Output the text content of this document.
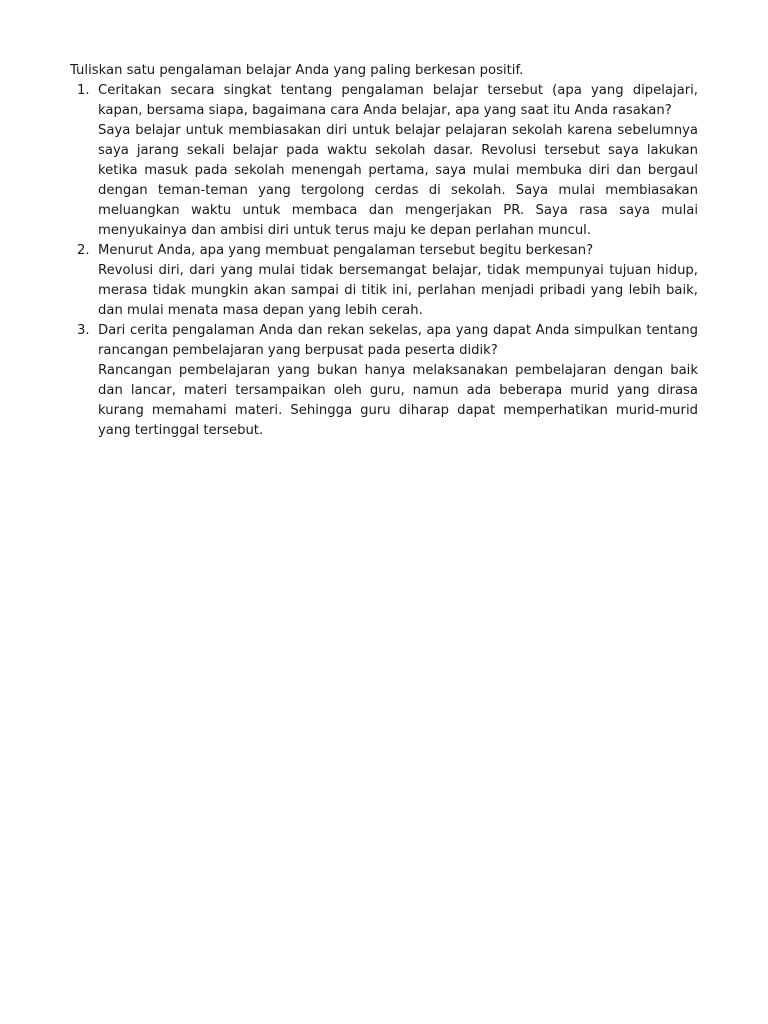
Tuliskan satu pengalaman belajar Anda yang paling berkesan positif.

1. Ceritakan secara singkat tentang pengalaman belajar tersebut (apa yang dipelajari, kapan, bersama siapa, bagaimana cara Anda belajar, apa yang saat itu Anda rasakan?

Saya belajar untuk membiasakan diri untuk belajar pelajaran sekolah karena sebelumnya saya jarang sekali belajar pada waktu sekolah dasar. Revolusi tersebut saya lakukan ketika masuk pada sekolah menengah pertama, saya mulai membuka diri dan bergaul dengan teman-teman yang tergolong cerdas di sekolah. Saya mulai membiasakan meluangkan waktu untuk membaca dan mengerjakan PR. Saya rasa saya mulai menyukainya dan ambisi diri untuk terus maju ke depan perlahan muncul.

2. Menurut Anda, apa yang membuat pengalaman tersebut begitu berkesan?

Revolusi diri, dari yang mulai tidak bersemangat belajar, tidak mempunyai tujuan hidup, merasa tidak mungkin akan sampai di titik ini, perlahan menjadi pribadi yang lebih baik, dan mulai menata masa depan yang lebih cerah.

3. Dari cerita pengalaman Anda dan rekan sekelas, apa yang dapat Anda simpulkan tentang rancangan pembelajaran yang berpusat pada peserta didik?

Rancangan pembelajaran yang bukan hanya melaksanakan pembelajaran dengan baik dan lancar, materi tersampaikan oleh guru, namun ada beberapa murid yang dirasa kurang memahami materi. Sehingga guru diharap dapat memperhatikan murid-murid yang tertinggal tersebut.
